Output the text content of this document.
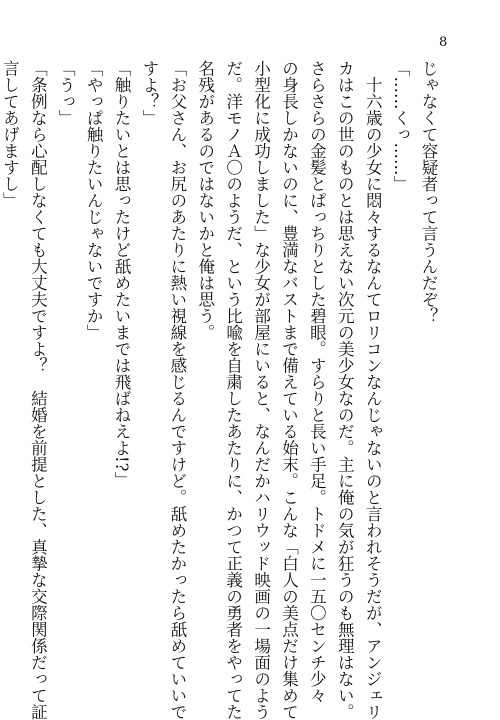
8
じゃなくて容疑者って言うんだぞ？
「……くっ……」
　十六歳の少女に悶々するなんてロリコンなんじゃないのと言われそうだが、アンジェリ
カはこの世のものとは思えない次元の美少女なのだ。主に俺の気が狂うのも無理はない。
さらさらの金髪とぱっちりとした碧眼。すらりと長い手足。トドメに一五〇センチ少々
の身長しかないのに、豊満なバストまで備えている始末。こんな「白人の美点だけ集めて
小型化に成功しました」な少女が部屋にいると、なんだかハリウッド映画の一場面のよう
だ。洋モノＡ〇のようだ、という比喩を自粛したあたりに、かつて正義の勇者をやってた
名残があるのではないかと俺は思う。
「お父さん、お尻のあたりに熱い視線を感じるんですけど。舐めたかったら舐めていいで
すよ？」
「触りたいとは思ったけど舐めたいまでは飛ばねえよ!?」
「やっぱ触りたいんじゃないですか」
「うっ」
「条例なら心配しなくても大丈夫ですよ？　結婚を前提とした、真摯な交際関係だって証
言してあげますし」
